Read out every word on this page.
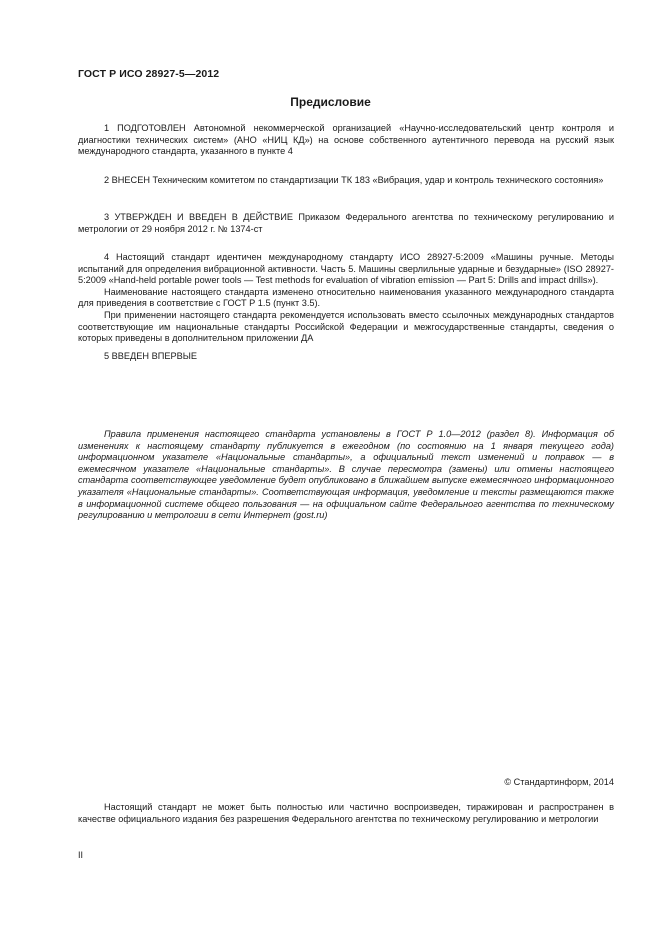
ГОСТ Р ИСО 28927-5—2012
Предисловие

1 ПОДГОТОВЛЕН Автономной некоммерческой организацией «Научно-исследовательский центр контроля и диагностики технических систем» (АНО «НИЦ КД») на основе собственного аутентичного перевода на русский язык международного стандарта, указанного в пункте 4

2 ВНЕСЕН Техническим комитетом по стандартизации ТК 183 «Вибрация, удар и контроль технического состояния»

3 УТВЕРЖДЕН И ВВЕДЕН В ДЕЙСТВИЕ Приказом Федерального агентства по техническому регулированию и метрологии от 29 ноября 2012 г. № 1374-ст

4 Настоящий стандарт идентичен международному стандарту ИСО 28927-5:2009 «Машины ручные. Методы испытаний для определения вибрационной активности. Часть 5. Машины сверлильные ударные и безударные» (ISO 28927-5:2009 «Hand-held portable power tools — Test methods for evaluation of vibration emission — Part 5: Drills and impact drills»).

Наименование настоящего стандарта изменено относительно наименования указанного международного стандарта для приведения в соответствие с ГОСТ Р 1.5 (пункт 3.5).

При применении настоящего стандарта рекомендуется использовать вместо ссылочных международных стандартов соответствующие им национальные стандарты Российской Федерации и межгосударственные стандарты, сведения о которых приведены в дополнительном приложении ДА

5 ВВЕДЕН ВПЕРВЫЕ

Правила применения настоящего стандарта установлены в ГОСТ Р 1.0—2012 (раздел 8). Информация об изменениях к настоящему стандарту публикуется в ежегодном (по состоянию на 1 января текущего года) информационном указателе «Национальные стандарты», а официальный текст изменений и поправок — в ежемесячном указателе «Национальные стандарты». В случае пересмотра (замены) или отмены настоящего стандарта соответствующее уведомление будет опубликовано в ближайшем выпуске ежемесячного информационного указателя «Национальные стандарты». Соответствующая информация, уведомление и тексты размещаются также в информационной системе общего пользования — на официальном сайте Федерального агентства по техническому регулированию и метрологии в сети Интернет (gost.ru)
© Стандартинформ, 2014
Настоящий стандарт не может быть полностью или частично воспроизведен, тиражирован и распространен в качестве официального издания без разрешения Федерального агентства по техническому регулированию и метрологии
II
